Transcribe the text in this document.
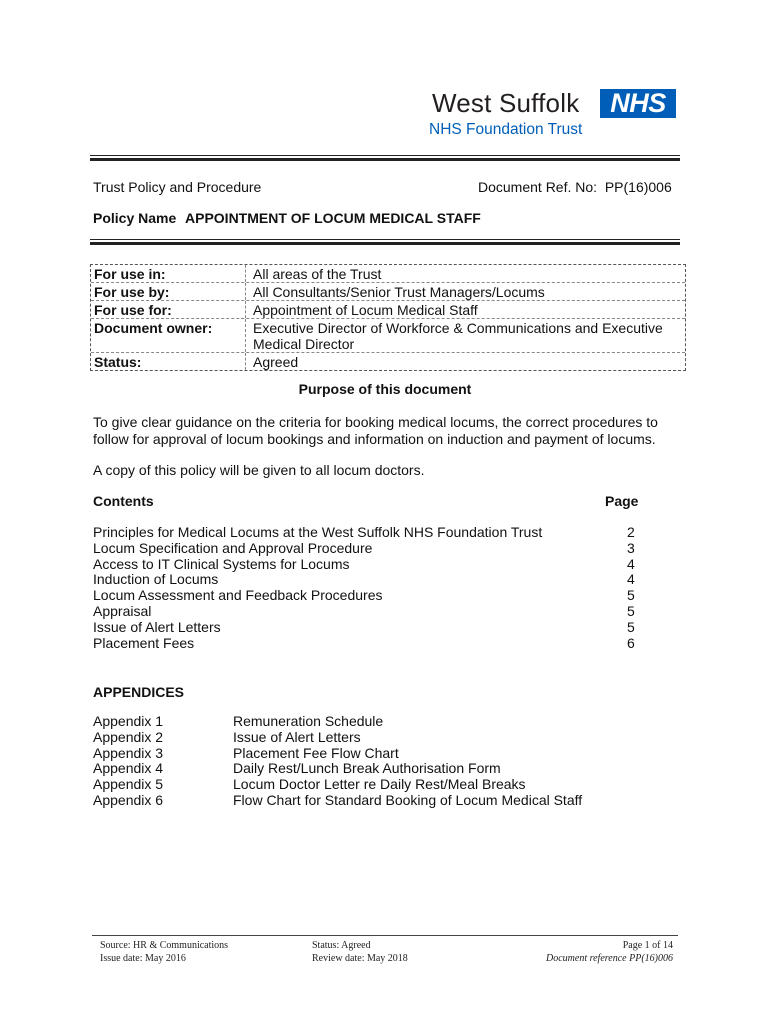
West Suffolk	NHS
NHS Foundation Trust
Trust Policy and Procedure	Document Ref. No:  PP(16)006
Policy Name APPOINTMENT OF LOCUM MEDICAL STAFF
For use in:	All areas of the Trust
For use by:	All Consultants/Senior Trust Managers/Locums
For use for:	Appointment of Locum Medical Staff
Document owner:	Executive Director of Workforce & Communications and Executive Medical Director
Status:	Agreed
Purpose of this document
To give clear guidance on the criteria for booking medical locums, the correct procedures to follow for approval of locum bookings and information on induction and payment of locums.
A copy of this policy will be given to all locum doctors.
Contents	Page
Principles for Medical Locums at the West Suffolk NHS Foundation Trust	2
Locum Specification and Approval Procedure	3
Access to IT Clinical Systems for Locums	4
Induction of Locums	4
Locum Assessment and Feedback Procedures	5
Appraisal	5
Issue of Alert Letters	5
Placement Fees	6
APPENDICES
Appendix 1	Remuneration Schedule
Appendix 2	Issue of Alert Letters
Appendix 3	Placement Fee Flow Chart
Appendix 4	Daily Rest/Lunch Break Authorisation Form
Appendix 5	Locum Doctor Letter re Daily Rest/Meal Breaks
Appendix 6	Flow Chart for Standard Booking of Locum Medical Staff
Source: HR & Communications
Issue date: May 2016
Status: Agreed
Review date: May 2018
Page 1 of 14
Document reference PP(16)006
